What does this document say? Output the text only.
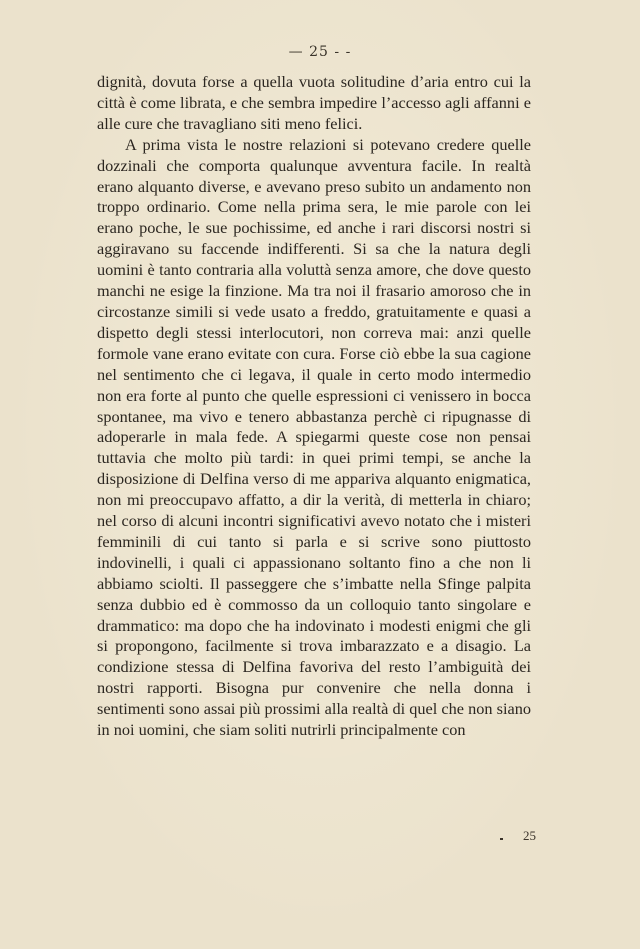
— 25 - -

dignità, dovuta forse a quella vuota solitudine d’aria entro cui la città è come librata, e che sembra impedire l’accesso agli affanni e alle cure che travagliano siti meno felici.

A prima vista le nostre relazioni si potevano credere quelle dozzinali che comporta qualunque avventura facile. In realtà erano alquanto diverse, e avevano preso subito un andamento non troppo ordinario. Come nella prima sera, le mie parole con lei erano poche, le sue pochissime, ed anche i rari discorsi nostri si aggiravano su faccende indifferenti. Si sa che la natura degli uomini è tanto contraria alla voluttà senza amore, che dove questo manchi ne esige la finzione. Ma tra noi il frasario amoroso che in circostanze simili si vede usato a freddo, gratuitamente e quasi a dispetto degli stessi interlocutori, non correva mai: anzi quelle formole vane erano evitate con cura. Forse ciò ebbe la sua cagione nel sentimento che ci legava, il quale in certo modo intermedio non era forte al punto che quelle espressioni ci venissero in bocca spontanee, ma vivo e tenero abbastanza perchè ci ripugnasse di adoperarle in mala fede. A spiegarmi queste cose non pensai tuttavia che molto più tardi: in quei primi tempi, se anche la disposizione di Delfina verso di me appariva alquanto enigmatica, non mi preoccupavo affatto, a dir la verità, di metterla in chiaro; nel corso di alcuni incontri significativi avevo notato che i misteri femminili di cui tanto si parla e si scrive sono piuttosto indovinelli, i quali ci appassionano soltanto fino a che non li abbiamo sciolti. Il passeggere che s’imbatte nella Sfinge palpita senza dubbio ed è commosso da un colloquio tanto singolare e drammatico: ma dopo che ha indovinato i modesti enigmi che gli si propongono, facilmente si trova imbarazzato e a disagio. La condizione stessa di Delfina favoriva del resto l’ambiguità dei nostri rapporti. Bisogna pur convenire che nella donna i sentimenti sono assai più prossimi alla realtà di quel che non siano in noi uomini, che siam soliti nutrirli principalmente con

25
